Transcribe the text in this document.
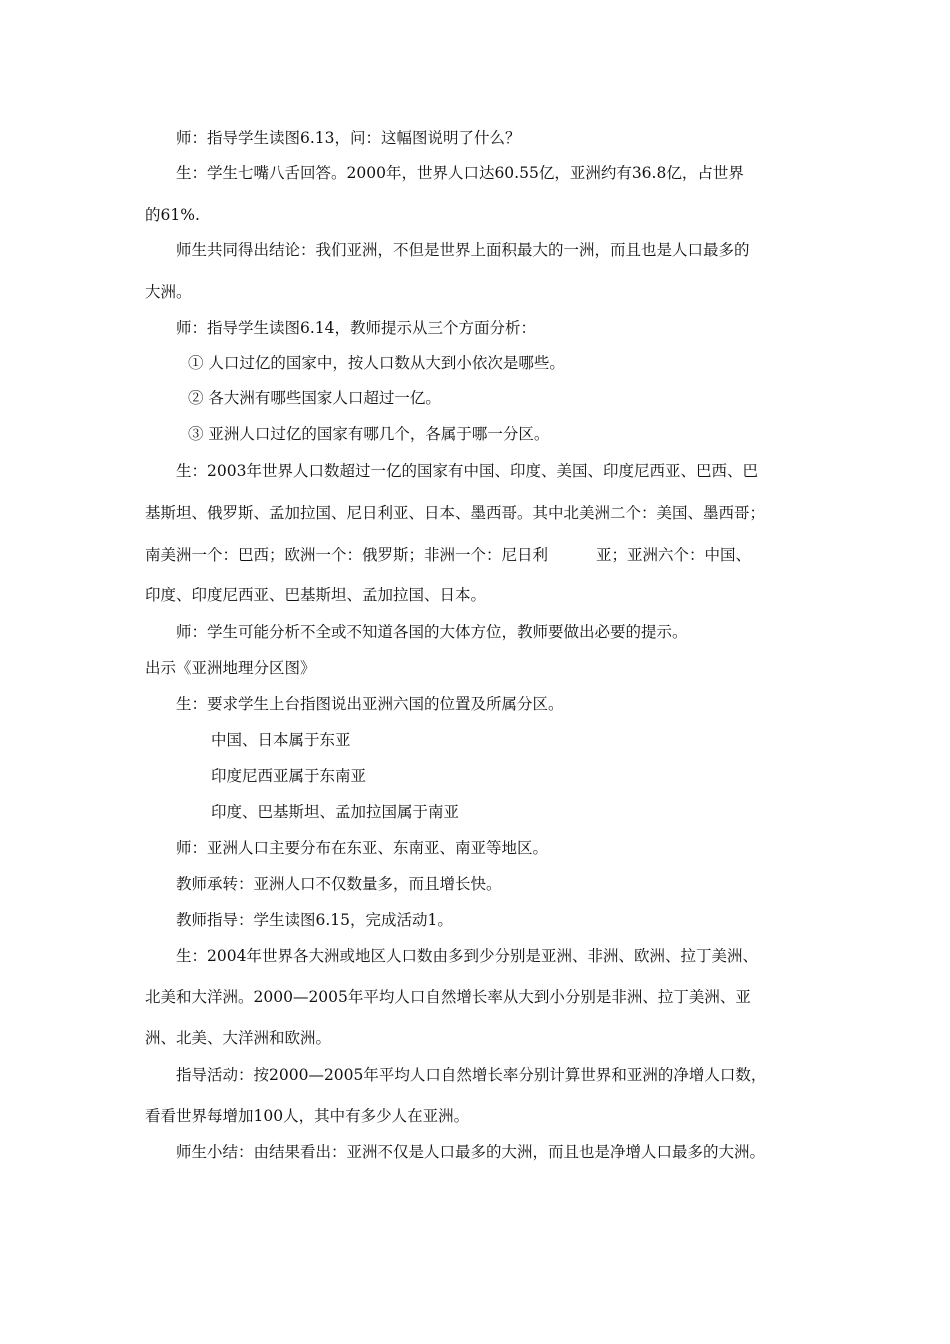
师：指导学生读图6.13，问：这幅图说明了什么？
生：学生七嘴八舌回答。2000年，世界人口达60.55亿，亚洲约有36.8亿，占世界
的61%.
师生共同得出结论：我们亚洲，不但是世界上面积最大的一洲，而且也是人口最多的
大洲。
师：指导学生读图6.14，教师提示从三个方面分析：
① 人口过亿的国家中，按人口数从大到小依次是哪些。
② 各大洲有哪些国家人口超过一亿。
③ 亚洲人口过亿的国家有哪几个，各属于哪一分区。
生：2003年世界人口数超过一亿的国家有中国、印度、美国、印度尼西亚、巴西、巴
基斯坦、俄罗斯、孟加拉国、尼日利亚、日本、墨西哥。其中北美洲二个：美国、墨西哥；
南美洲一个：巴西；欧洲一个：俄罗斯；非洲一个：尼日利	亚；亚洲六个：中国、
印度、印度尼西亚、巴基斯坦、孟加拉国、日本。
师：学生可能分析不全或不知道各国的大体方位，教师要做出必要的提示。
出示《亚洲地理分区图》
生：要求学生上台指图说出亚洲六国的位置及所属分区。
中国、日本属于东亚
印度尼西亚属于东南亚
印度、巴基斯坦、孟加拉国属于南亚
师：亚洲人口主要分布在东亚、东南亚、南亚等地区。
教师承转：亚洲人口不仅数量多，而且增长快。
教师指导：学生读图6.15，完成活动1。
生：2004年世界各大洲或地区人口数由多到少分别是亚洲、非洲、欧洲、拉丁美洲、
北美和大洋洲。2000—2005年平均人口自然增长率从大到小分别是非洲、拉丁美洲、亚
洲、北美、大洋洲和欧洲。
指导活动：按2000—2005年平均人口自然增长率分别计算世界和亚洲的净增人口数，
看看世界每增加100人，其中有多少人在亚洲。
师生小结：由结果看出：亚洲不仅是人口最多的大洲，而且也是净增人口最多的大洲。
